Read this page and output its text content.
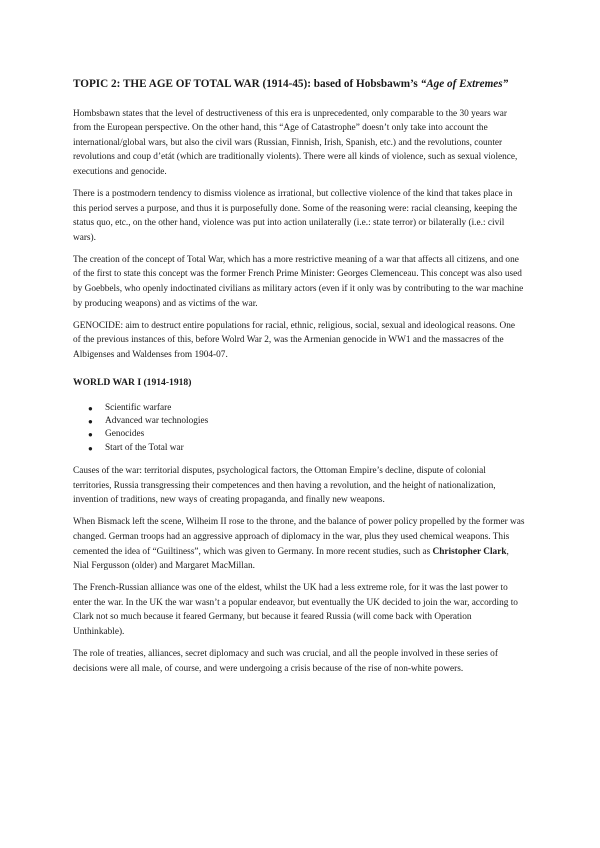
TOPIC 2: THE AGE OF TOTAL WAR (1914-45): based of Hobsbawm’s “Age of Extremes”

Hombsbawn states that the level of destructiveness of this era is unprecedented, only comparable to the 30 years war from the European perspective. On the other hand, this “Age of Catastrophe” doesn’t only take into account the international/global wars, but also the civil wars (Russian, Finnish, Irish, Spanish, etc.) and the revolutions, counter revolutions and coup d’etát (which are traditionally violents). There were all kinds of violence, such as sexual violence, executions and genocide.

There is a postmodern tendency to dismiss violence as irrational, but collective violence of the kind that takes place in this period serves a purpose, and thus it is purposefully done. Some of the reasoning were: racial cleansing, keeping the status quo, etc., on the other hand, violence was put into action unilaterally (i.e.: state terror) or bilaterally (i.e.: civil wars).

The creation of the concept of Total War, which has a more restrictive meaning of a war that affects all citizens, and one of the first to state this concept was the former French Prime Minister: Georges Clemenceau. This concept was also used by Goebbels, who openly indoctinated civilians as military actors (even if it only was by contributing to the war machine by producing weapons) and as victims of the war.

GENOCIDE: aim to destruct entire populations for racial, ethnic, religious, social, sexual and ideological reasons. One of the previous instances of this, before Wolrd War 2, was the Armenian genocide in WW1 and the massacres of the Albigenses and Waldenses from 1904-07.

WORLD WAR I (1914-1918)
● Scientific warfare
● Advanced war technologies
● Genocides
● Start of the Total war

Causes of the war: territorial disputes, psychological factors, the Ottoman Empire’s decline, dispute of colonial territories, Russia transgressing their competences and then having a revolution, and the height of nationalization, invention of traditions, new ways of creating propaganda, and finally new weapons.

When Bismack left the scene, Wilheim II rose to the throne, and the balance of power policy propelled by the former was changed. German troops had an aggressive approach of diplomacy in the war, plus they used chemical weapons. This cemented the idea of “Guiltiness”, which was given to Germany. In more recent studies, such as Christopher Clark, Nial Fergusson (older) and Margaret MacMillan.

The French-Russian alliance was one of the eldest, whilst the UK had a less extreme role, for it was the last power to enter the war. In the UK the war wasn’t a popular endeavor, but eventually the UK decided to join the war, according to Clark not so much because it feared Germany, but because it feared Russia (will come back with Operation Unthinkable).

The role of treaties, alliances, secret diplomacy and such was crucial, and all the people involved in these series of decisions were all male, of course, and were undergoing a crisis because of the rise of non-white powers.
